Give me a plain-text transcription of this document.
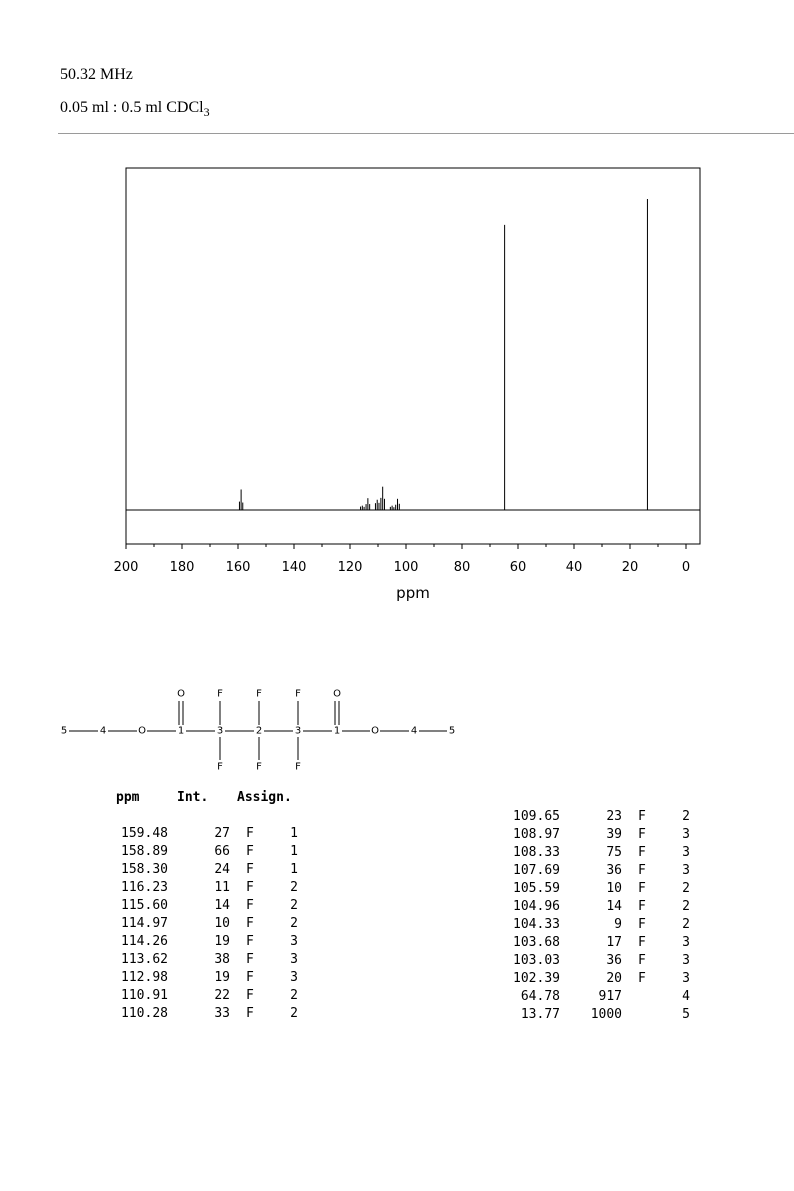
50.32 MHz
0.05 ml : 0.5 ml CDCl$_3$
200 180 160 140 120 100	80	60	40	20	0
ppm
5	4	O	1	3	2	3	1	O	4	5
O	F	F	F	O
F	F	F
ppm	Int. Assign.
159.48	27 F	1
158.89	66 F	1
158.30	24 F	1
116.23	11 F	2
115.60	14 F	2
114.97	10 F	2
114.26	19 F	3
113.62	38 F	3
112.98	19 F	3
110.91	22 F	2
110.28	33 F	2
109.65	23 F	2
108.97	39 F	3
108.33	75 F	3
107.69	36 F	3
105.59	10 F	2
104.96	14 F	2
104.33	9 F	2
103.68	17 F	3
103.03	36 F	3
102.39	20 F	3
64.78	917	4
13.77	1000	5
